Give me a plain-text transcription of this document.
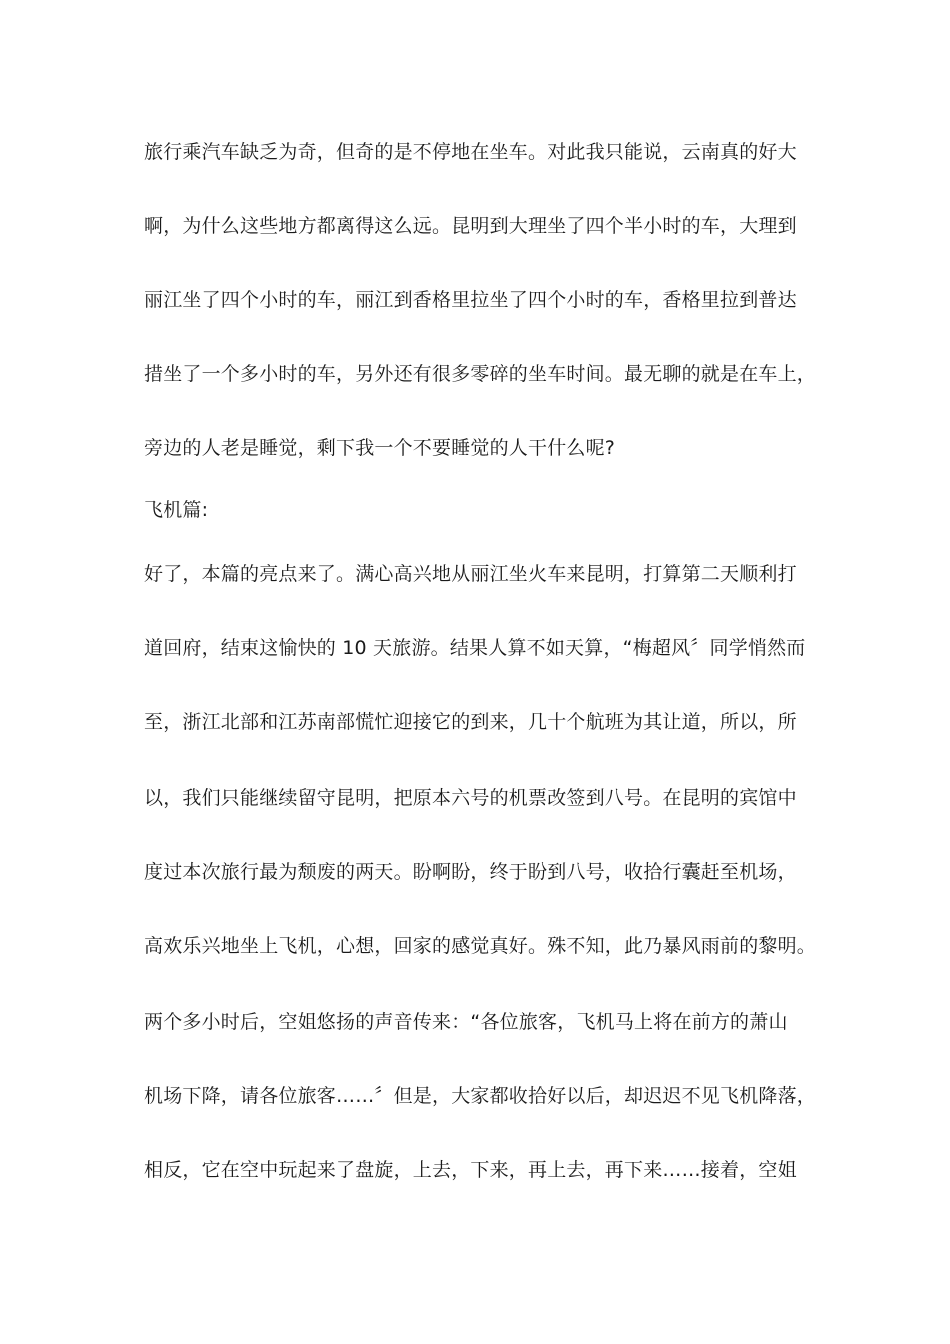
旅行乘汽车缺乏为奇，但奇的是不停地在坐车。对此我只能说，云南真的好大
啊，为什么这些地方都离得这么远。昆明到大理坐了四个半小时的车，大理到
丽江坐了四个小时的车，丽江到香格里拉坐了四个小时的车，香格里拉到普达
措坐了一个多小时的车，另外还有很多零碎的坐车时间。最无聊的就是在车上，
旁边的人老是睡觉，剩下我一个不要睡觉的人干什么呢?
飞机篇:
好了，本篇的亮点来了。满心高兴地从丽江坐火车来昆明，打算第二天顺利打
道回府，结束这愉快的 10 天旅游。结果人算不如天算，“梅超风〞同学悄然而
至，浙江北部和江苏南部慌忙迎接它的到来，几十个航班为其让道，所以，所
以，我们只能继续留守昆明，把原本六号的机票改签到八号。在昆明的宾馆中
度过本次旅行最为颓废的两天。盼啊盼，终于盼到八号，收拾行囊赶至机场，
高欢乐兴地坐上飞机，心想，回家的感觉真好。殊不知，此乃暴风雨前的黎明。
两个多小时后，空姐悠扬的声音传来：“各位旅客，飞机马上将在前方的萧山
机场下降，请各位旅客……〞但是，大家都收拾好以后，却迟迟不见飞机降落，
相反，它在空中玩起来了盘旋，上去，下来，再上去，再下来……接着，空姐
